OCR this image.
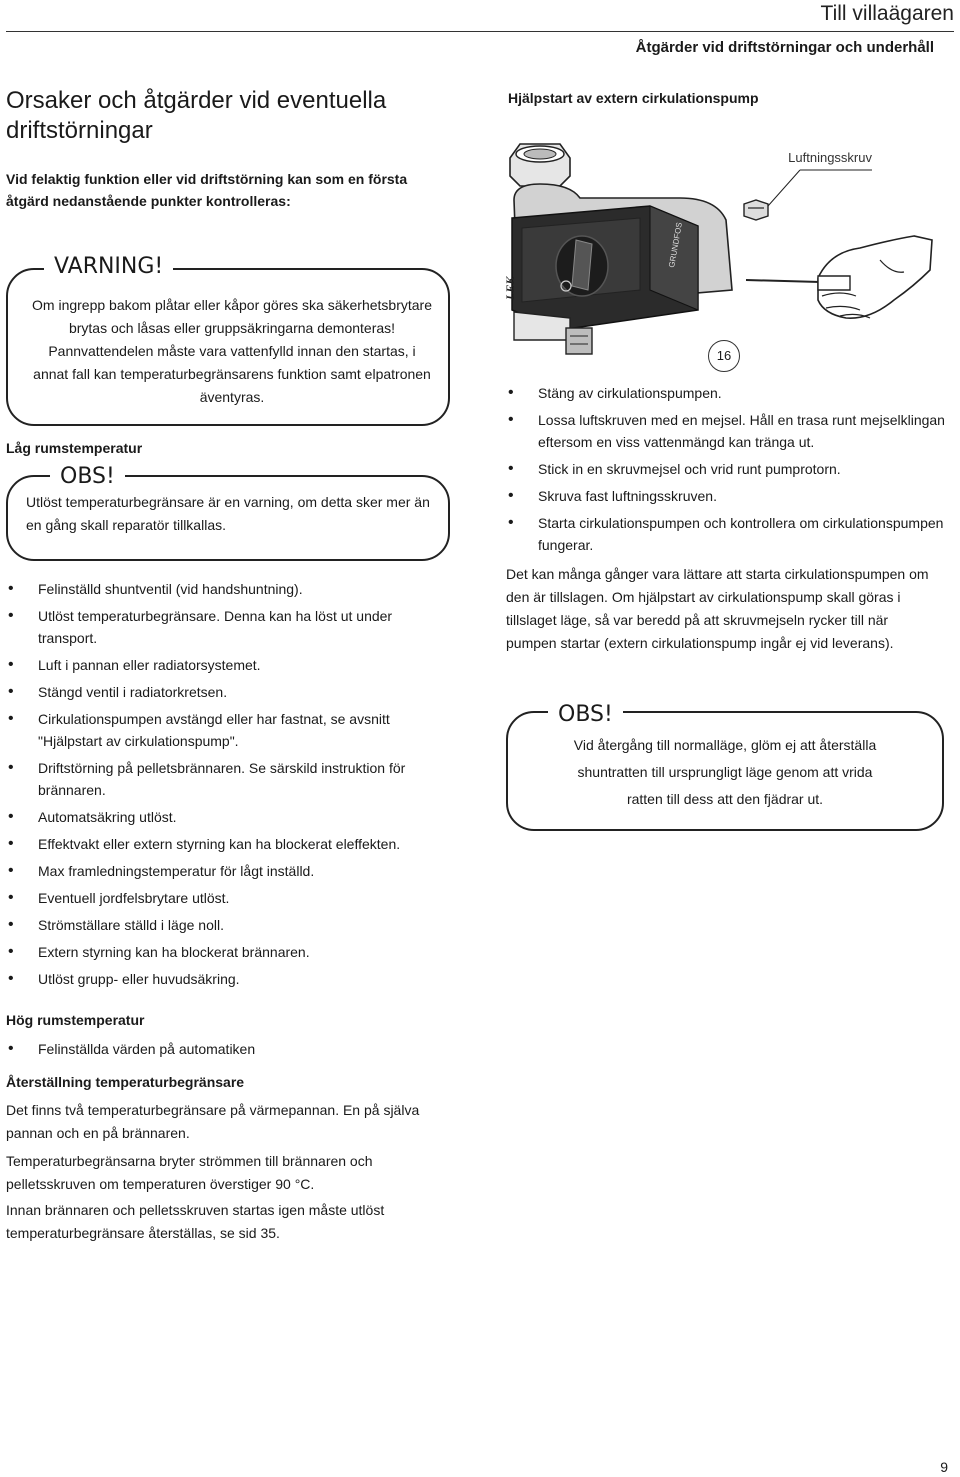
Till villaägaren
Åtgärder vid driftstörningar och underhåll
Orsaker och åtgärder vid eventuella driftstörningar
Vid felaktig funktion eller vid driftstörning kan som en första åtgärd nedanstående punkter kontrolleras:
VARNING!
Om ingrepp bakom plåtar eller kåpor göres ska säkerhetsbrytare brytas och låsas eller gruppsäkringarna demonteras! Pannvattendelen måste vara vattenfylld innan den startas, i annat fall kan temperaturbegränsarens funktion samt elpatronen äventyras.
Låg rumstemperatur
OBS!
Utlöst temperaturbegränsare är en varning, om detta sker mer än en gång skall reparatör tillkallas.
• Felinställd shuntventil (vid handshuntning).
• Utlöst temperaturbegränsare. Denna kan ha löst ut under transport.
• Luft i pannan eller radiatorsystemet.
• Stängd ventil i radiatorkretsen.
• Cirkulationspumpen avstängd eller har fastnat, se avsnitt "Hjälpstart av cirkulationspump".
• Driftstörning på pelletsbrännaren. Se särskild instruktion för brännaren.
• Automatsäkring utlöst.
• Effektvakt eller extern styrning kan ha blockerat eleffekten.
• Max framledningstemperatur för lågt inställd.
• Eventuell jordfelsbrytare utlöst.
• Strömställare ställd i läge noll.
• Extern styrning kan ha blockerat brännaren.
• Utlöst grupp- eller huvudsäkring.
Hög rumstemperatur
• Felinställda värden på automatiken
Återställning temperaturbegränsare
Det finns två temperaturbegränsare på värmepannan. En på själva pannan och en på brännaren.
Temperaturbegränsarna bryter strömmen till brännaren och pelletsskruven om temperaturen överstiger 90 °C.
Innan brännaren och pelletsskruven startas igen måste utlöst temperaturbegränsare återställas, se sid 35.
Hjälpstart av extern cirkulationspump
GRUNDFOS
LEK
Luftningsskruv
16
• Stäng av cirkulationspumpen.
• Lossa luftskruven med en mejsel. Håll en trasa runt mejselklingan eftersom en viss vattenmängd kan tränga ut.
• Stick in en skruvmejsel och vrid runt pumprotorn.
• Skruva fast luftningsskruven.
• Starta cirkulationspumpen och kontrollera om cirkulationspumpen fungerar.
Det kan många gånger vara lättare att starta cirkulationspumpen om den är tillslagen. Om hjälpstart av cirkulationspump skall göras i tillslaget läge, så var beredd på att skruvmejseln rycker till när pumpen startar (extern cirkulationspump ingår ej vid leverans).
OBS!
Vid återgång till normalläge, glöm ej att återställa shuntratten till ursprungligt läge genom att vrida ratten till dess att den fjädrar ut.
9
